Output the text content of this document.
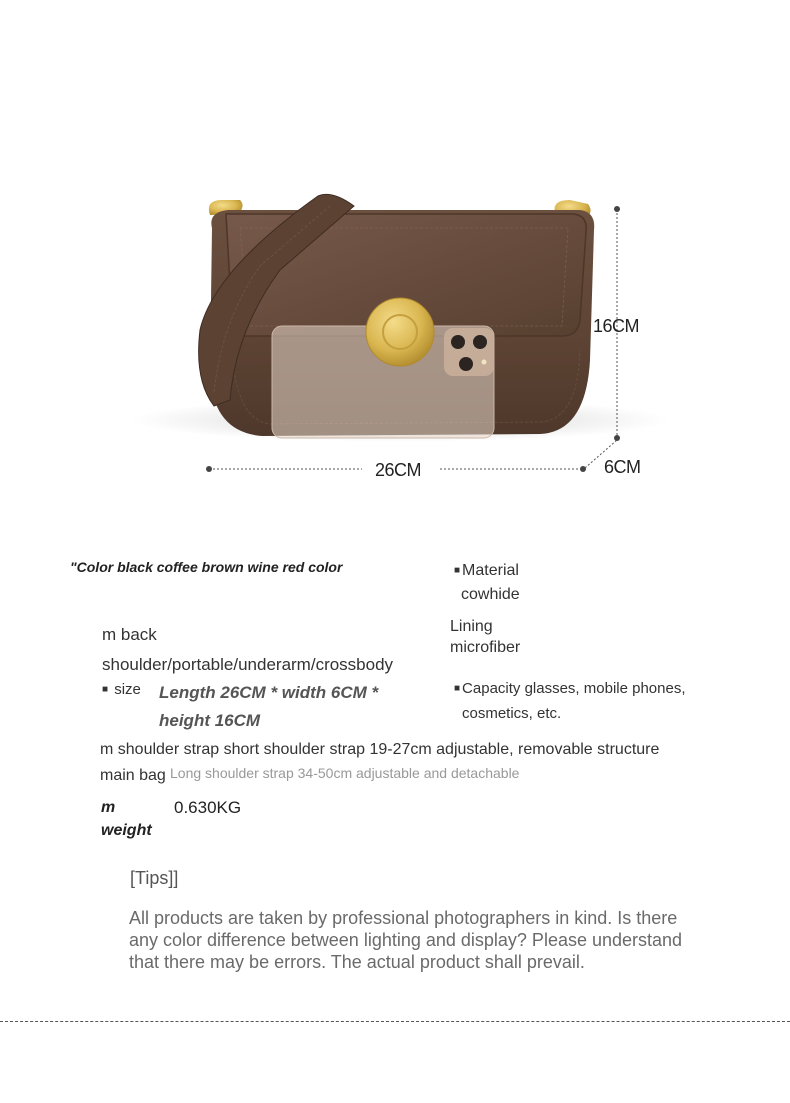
16CM
26CM	6CM
"Color black coffee brown wine red color	■ Material
cowhide
m back
shoulder/portable/underarm/crossbody
Lining
microfiber
■ size Length 26CM * width 6CM *
height 16CM
■ Capacity glasses, mobile phones,
cosmetics, etc.
m shoulder strap short shoulder strap 19-27cm adjustable, removable structure
main bag Long shoulder strap 34-50cm adjustable and detachable
m
weight
0.630KG
[Tips]]
All products are taken by professional photographers in kind. Is there
any color difference between lighting and display? Please understand
that there may be errors. The actual product shall prevail.
